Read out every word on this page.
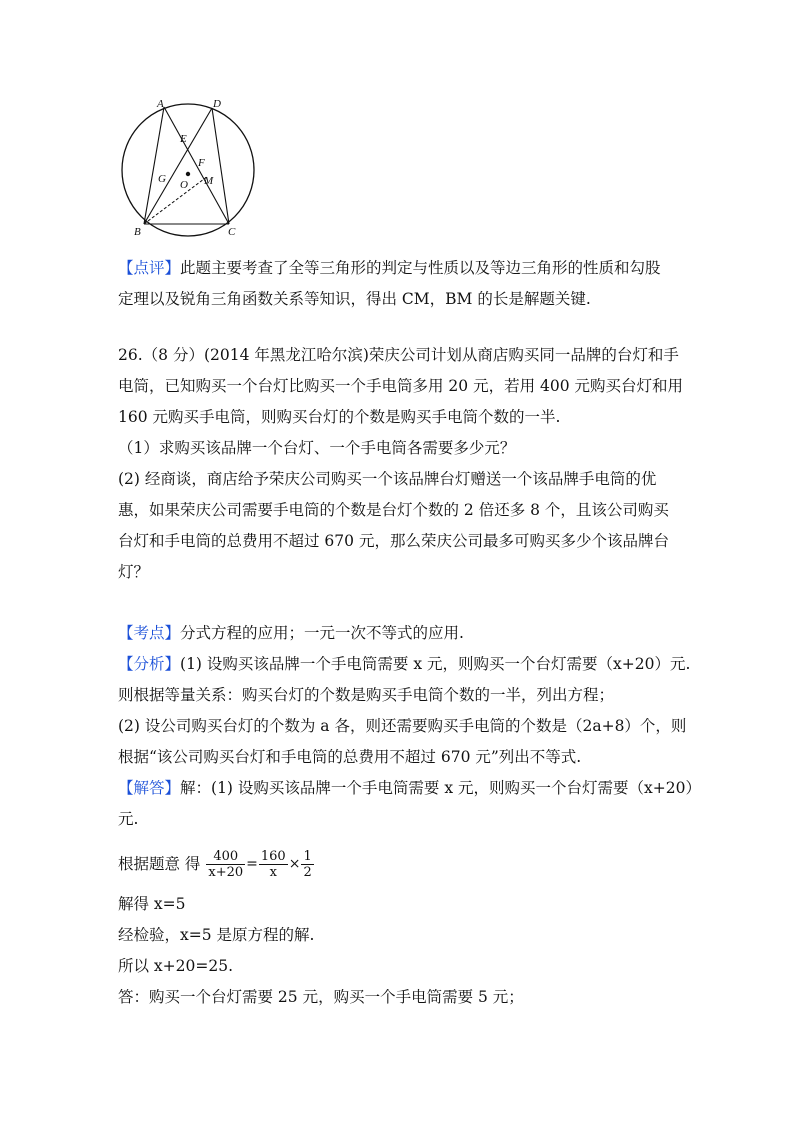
A	D
E
F
G O M
B	C
【点评】此题主要考查了全等三角形的判定与性质以及等边三角形的性质和勾股
定理以及锐角三角函数关系等知识，得出 CM，BM 的长是解题关键.
26.（8 分）(2014 年黑龙江哈尔滨)荣庆公司计划从商店购买同一品牌的台灯和手
电筒，已知购买一个台灯比购买一个手电筒多用 20 元，若用 400 元购买台灯和用
160 元购买手电筒，则购买台灯的个数是购买手电筒个数的一半.
（1）求购买该品牌一个台灯、一个手电筒各需要多少元？
(2) 经商谈，商店给予荣庆公司购买一个该品牌台灯赠送一个该品牌手电筒的优
惠，如果荣庆公司需要手电筒的个数是台灯个数的 2 倍还多 8 个，且该公司购买
台灯和手电筒的总费用不超过 670 元，那么荣庆公司最多可购买多少个该品牌台
灯？
【考点】分式方程的应用；一元一次不等式的应用.
【分析】(1) 设购买该品牌一个手电筒需要 x 元，则购买一个台灯需要（x+20）元.
则根据等量关系：购买台灯的个数是购买手电筒个数的一半，列出方程；
(2) 设公司购买台灯的个数为 a 各，则还需要购买手电筒的个数是（2a+8）个，则
根据“该公司购买台灯和手电筒的总费用不超过 670 元”列出不等式.
【解答】解：(1) 设购买该品牌一个手电筒需要 x 元，则购买一个台灯需要（x+20）
元.
根据题意 得 $\frac{400}{x+20} = \frac{160}{x} \times \frac{1}{2}$
解得 x=5
经检验，x=5 是原方程的解.
所以 x+20=25.
答：购买一个台灯需要 25 元，购买一个手电筒需要 5 元；
